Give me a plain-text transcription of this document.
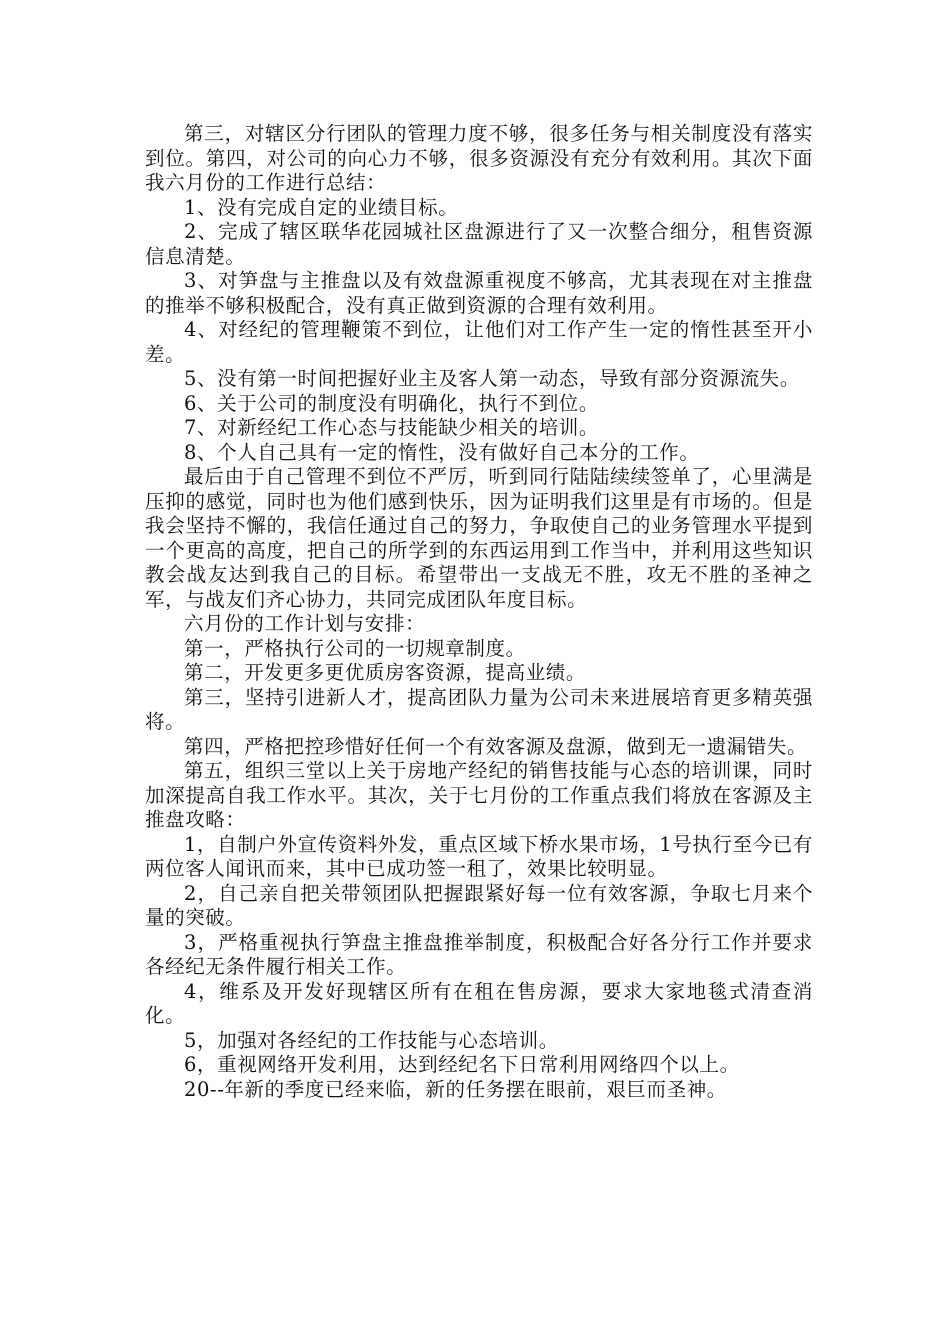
第三，对辖区分行团队的管理力度不够，很多任务与相关制度没有落实到位。第四，对公司的向心力不够，很多资源没有充分有效利用。其次下面我六月份的工作进行总结：

1、没有完成自定的业绩目标。

2、完成了辖区联华花园城社区盘源进行了又一次整合细分，租售资源信息清楚。

3、对笋盘与主推盘以及有效盘源重视度不够高，尤其表现在对主推盘的推举不够积极配合，没有真正做到资源的合理有效利用。

4、对经纪的管理鞭策不到位，让他们对工作产生一定的惰性甚至开小差。

5、没有第一时间把握好业主及客人第一动态，导致有部分资源流失。

6、关于公司的制度没有明确化，执行不到位。

7、对新经纪工作心态与技能缺少相关的培训。

8、个人自己具有一定的惰性，没有做好自己本分的工作。

最后由于自己管理不到位不严厉，听到同行陆陆续续签单了，心里满是压抑的感觉，同时也为他们感到快乐，因为证明我们这里是有市场的。但是我会坚持不懈的，我信任通过自己的努力，争取使自己的业务管理水平提到一个更高的高度，把自己的所学到的东西运用到工作当中，并利用这些知识教会战友达到我自己的目标。希望带出一支战无不胜，攻无不胜的圣神之军，与战友们齐心协力，共同完成团队年度目标。

六月份的工作计划与安排：

第一，严格执行公司的一切规章制度。

第二，开发更多更优质房客资源，提高业绩。

第三，坚持引进新人才，提高团队力量为公司未来进展培育更多精英强将。

第四，严格把控珍惜好任何一个有效客源及盘源，做到无一遗漏错失。

第五，组织三堂以上关于房地产经纪的销售技能与心态的培训课，同时加深提高自我工作水平。其次，关于七月份的工作重点我们将放在客源及主推盘攻略：

1，自制户外宣传资料外发，重点区域下桥水果市场，1号执行至今已有两位客人闻讯而来，其中已成功签一租了，效果比较明显。

2，自己亲自把关带领团队把握跟紧好每一位有效客源，争取七月来个量的突破。

3，严格重视执行笋盘主推盘推举制度，积极配合好各分行工作并要求各经纪无条件履行相关工作。

4，维系及开发好现辖区所有在租在售房源，要求大家地毯式清查消化。

5，加强对各经纪的工作技能与心态培训。

6，重视网络开发利用，达到经纪名下日常利用网络四个以上。

20--年新的季度已经来临，新的任务摆在眼前，艰巨而圣神。
